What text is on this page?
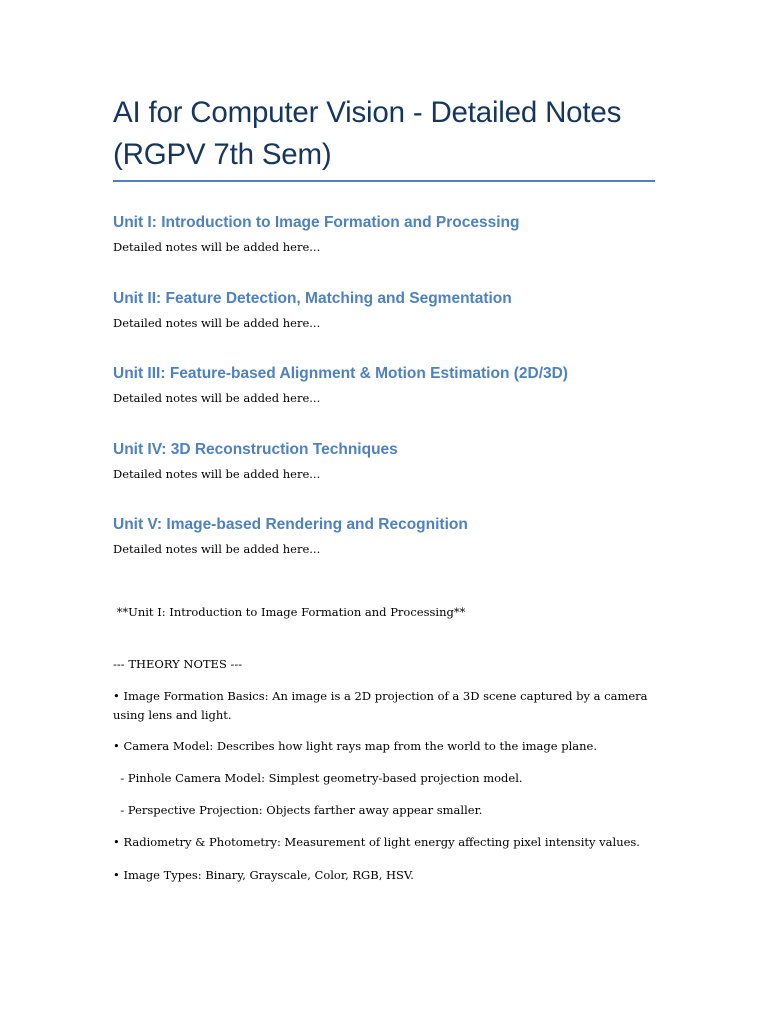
AI for Computer Vision - Detailed Notes (RGPV 7th Sem)
Unit I: Introduction to Image Formation and Processing

Detailed notes will be added here...

Unit II: Feature Detection, Matching and Segmentation

Detailed notes will be added here...

Unit III: Feature-based Alignment & Motion Estimation (2D/3D)

Detailed notes will be added here...

Unit IV: 3D Reconstruction Techniques

Detailed notes will be added here...

Unit V: Image-based Rendering and Recognition

Detailed notes will be added here...

**Unit I: Introduction to Image Formation and Processing**

--- THEORY NOTES ---

• Image Formation Basics: An image is a 2D projection of a 3D scene captured by a camera using lens and light.

• Camera Model: Describes how light rays map from the world to the image plane.

- Pinhole Camera Model: Simplest geometry-based projection model.

- Perspective Projection: Objects farther away appear smaller.

• Radiometry & Photometry: Measurement of light energy affecting pixel intensity values.

• Image Types: Binary, Grayscale, Color, RGB, HSV.
